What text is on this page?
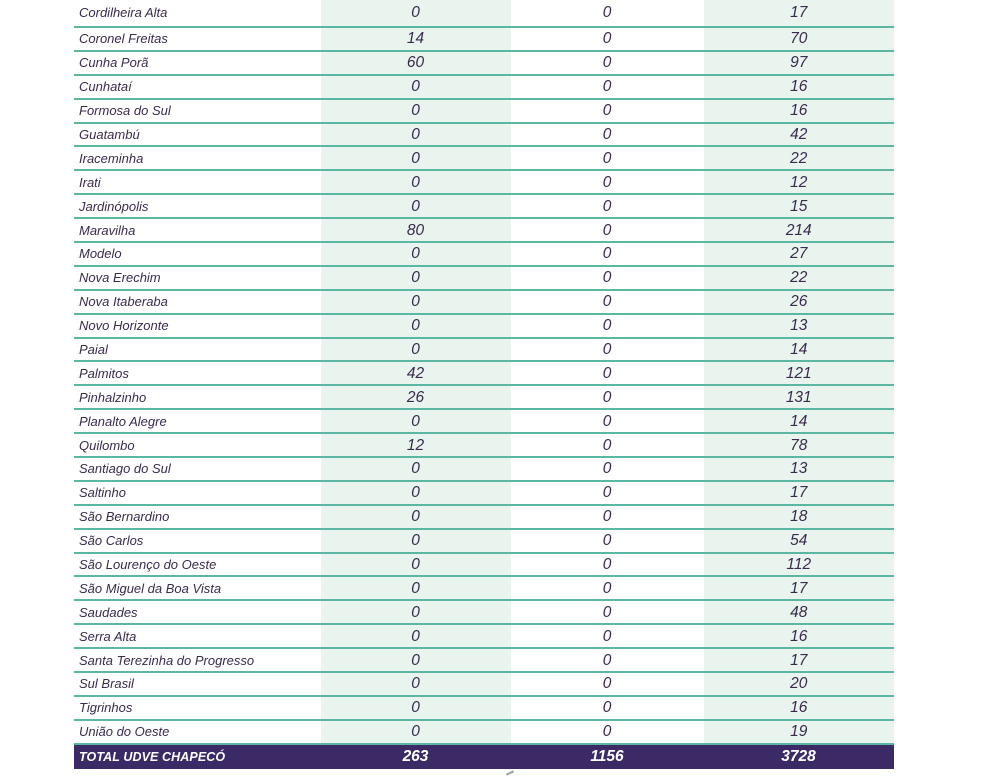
Cordilheira Alta	0	0	17
Coronel Freitas	14	0	70
Cunha Porã	60	0	97
Cunhataí	0	0	16
Formosa do Sul	0	0	16
Guatambú	0	0	42
Iraceminha	0	0	22
Irati	0	0	12
Jardinópolis	0	0	15
Maravilha	80	0	214
Modelo	0	0	27
Nova Erechim	0	0	22
Nova Itaberaba	0	0	26
Novo Horizonte	0	0	13
Paial	0	0	14
Palmitos	42	0	121
Pinhalzinho	26	0	131
Planalto Alegre	0	0	14
Quilombo	12	0	78
Santiago do Sul	0	0	13
Saltinho	0	0	17
São Bernardino	0	0	18
São Carlos	0	0	54
São Lourenço do Oeste	0	0	112
São Miguel da Boa Vista	0	0	17
Saudades	0	0	48
Serra Alta	0	0	16
Santa Terezinha do Progresso	0	0	17
Sul Brasil	0	0	20
Tigrinhos	0	0	16
União do Oeste	0	0	19
TOTAL UDVE CHAPECÓ	263	1156	3728
